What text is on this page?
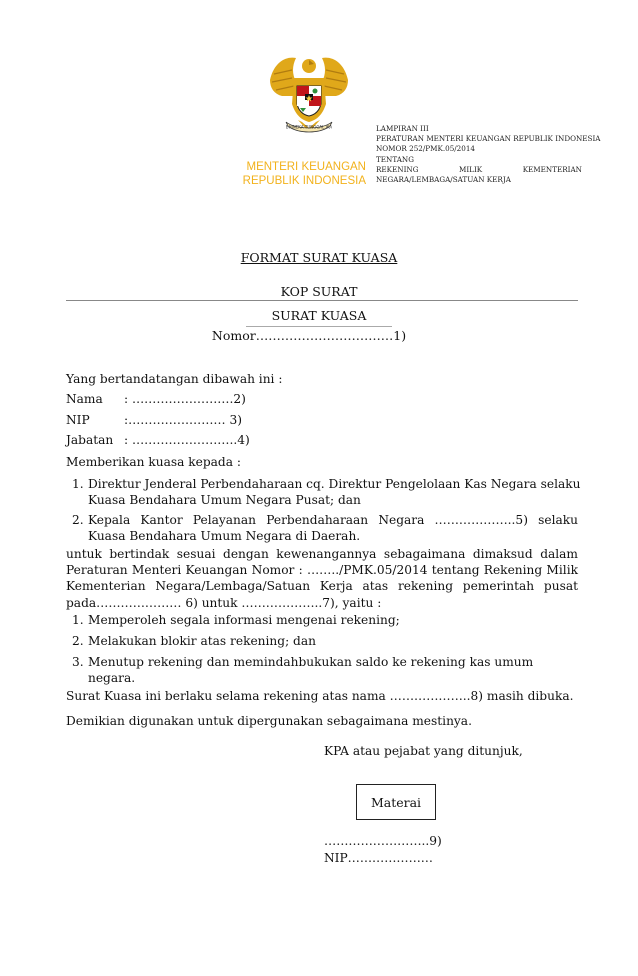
BHINEKA TUNGGAL IKA
MENTERI KEUANGAN
REPUBLIK INDONESIA
LAMPIRAN III
PERATURAN MENTERI KEUANGAN REPUBLIK INDONESIA
NOMOR 252/PMK.05/2014
TENTANG
REKENING	MILIK	KEMENTERIAN
NEGARA/LEMBAGA/SATUAN KERJA
FORMAT SURAT KUASA
KOP SURAT
SURAT KUASA
Nomor……………………………1)
Yang bertandatangan dibawah ini :
Nama : …………………….2)
NIP	:…………………… 3)
Jabatan : ……………………..4)
Memberikan kuasa kepada :
1. Direktur Jenderal Perbendaharaan cq. Direktur Pengelolaan Kas Negara selaku
Kuasa Bendahara Umum Negara Pusat; dan
2. Kepala Kantor Pelayanan Perbendaharaan Negara ………………..5) selaku
Kuasa Bendahara Umum Negara di Daerah.
untuk bertindak sesuai dengan kewenangannya sebagaimana dimaksud dalam
Peraturan Menteri Keuangan Nomor : ……../PMK.05/2014 tentang Rekening Milik
Kementerian Negara/Lembaga/Satuan Kerja atas rekening pemerintah pusat
pada………………… 6) untuk ………………..7), yaitu :
1. Memperoleh segala informasi mengenai rekening;
2. Melakukan blokir atas rekening; dan
3. Menutup rekening dan memindahbukukan saldo ke rekening kas umum
negara.
Surat Kuasa ini berlaku selama rekening atas nama ………………..8) masih dibuka.
Demikian digunakan untuk dipergunakan sebagaimana mestinya.
KPA atau pejabat yang ditunjuk,
Materai
……………………..9)
NIP…………………
